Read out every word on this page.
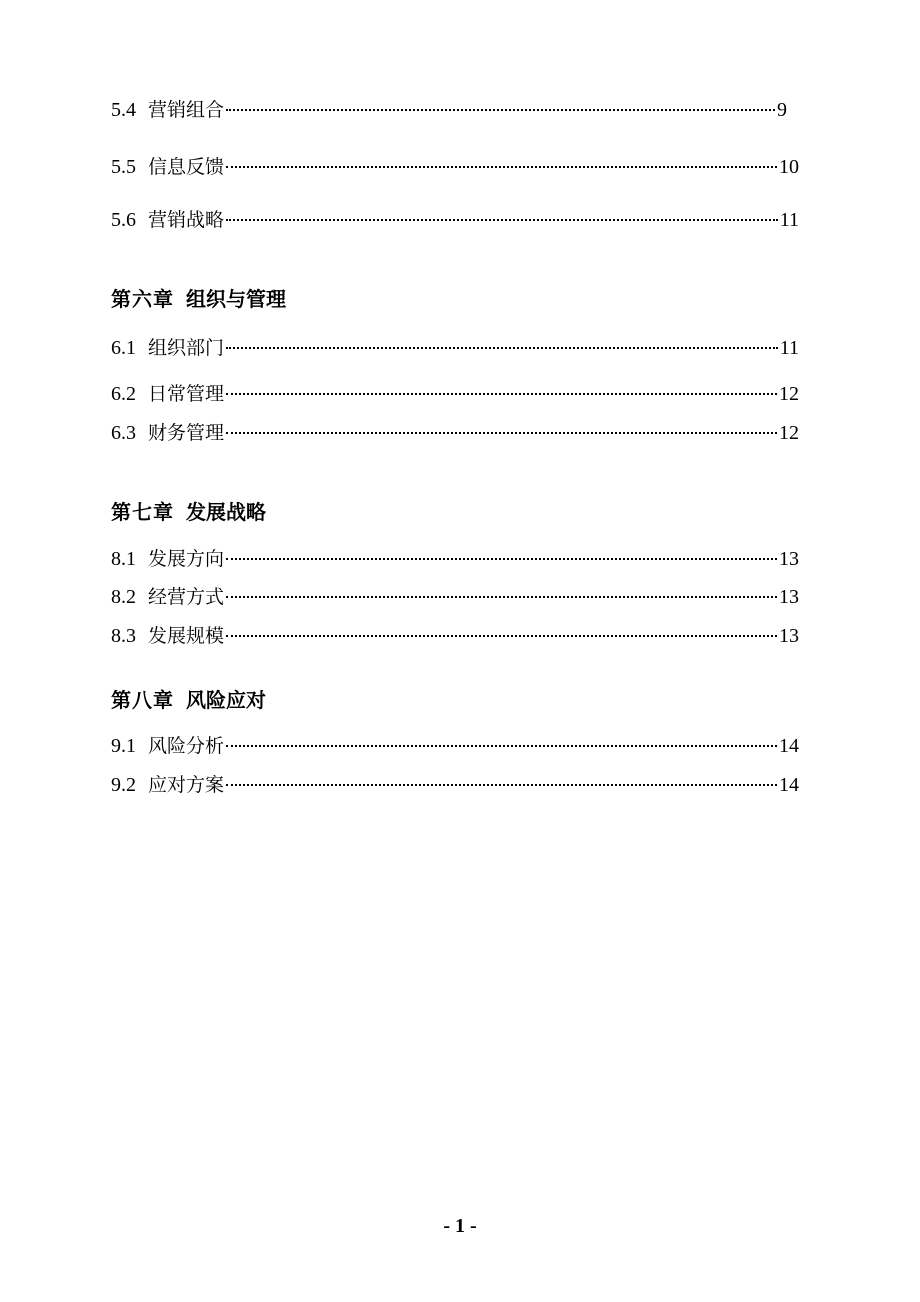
5.4 营销组合	9
5.5 信息反馈	10
5.6 营销战略	11
第六章 组织与管理
6.1 组织部门	11
6.2 日常管理	12
6.3 财务管理	12
第七章 发展战略
8.1 发展方向	13
8.2 经营方式	13
8.3 发展规模	13
第八章 风险应对
9.1 风险分析	14
9.2 应对方案	14
- 1 -
